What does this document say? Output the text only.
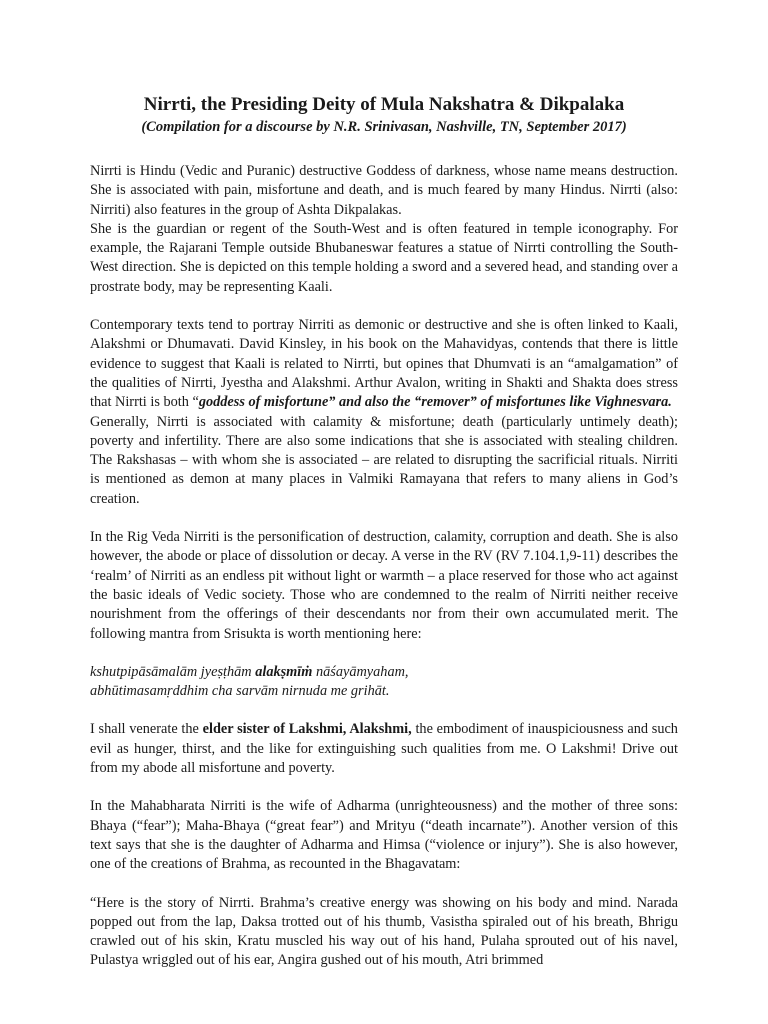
Nirrti, the Presiding Deity of Mula Nakshatra & Dikpalaka
(Compilation for a discourse by N.R. Srinivasan, Nashville, TN, September 2017)

Nirrti is Hindu (Vedic and Puranic) destructive Goddess of darkness, whose name means destruction. She is associated with pain, misfortune and death, and is much feared by many Hindus. Nirrti (also: Nirriti) also features in the group of Ashta Dikpalakas.

She is the guardian or regent of the South-West and is often featured in temple iconography. For example, the Rajarani Temple outside Bhubaneswar features a statue of Nirrti controlling the South-West direction. She is depicted on this temple holding a sword and a severed head, and standing over a prostrate body, may be representing Kaali.

Contemporary texts tend to portray Nirriti as demonic or destructive and she is often linked to Kaali, Alakshmi or Dhumavati. David Kinsley, in his book on the Mahavidyas, contends that there is little evidence to suggest that Kaali is related to Nirrti, but opines that Dhumvati is an “amalgamation” of the qualities of Nirrti, Jyestha and Alakshmi. Arthur Avalon, writing in Shakti and Shakta does stress that Nirrti is both “goddess of misfortune” and also the “remover” of misfortunes like Vighnesvara.

Generally, Nirrti is associated with calamity & misfortune; death (particularly untimely death); poverty and infertility. There are also some indications that she is associated with stealing children. The Rakshasas – with whom she is associated – are related to disrupting the sacrificial rituals. Nirriti is mentioned as demon at many places in Valmiki Ramayana that refers to many aliens in God’s creation.

In the Rig Veda Nirriti is the personification of destruction, calamity, corruption and death. She is also however, the abode or place of dissolution or decay. A verse in the RV (RV 7.104.1,9-11) describes the ‘realm’ of Nirriti as an endless pit without light or warmth – a place reserved for those who act against the basic ideals of Vedic society. Those who are condemned to the realm of Nirriti neither receive nourishment from the offerings of their descendants nor from their own accumulated merit. The following mantra from Srisukta is worth mentioning here:

kshutpipāsāmalām jyeṣṭhām alakṣmīṁ nāśayāmyaham,

abhūtimasamṛddhim cha sarvām nirnuda me grihāt.

I shall venerate the elder sister of Lakshmi, Alakshmi, the embodiment of inauspiciousness and such evil as hunger, thirst, and the like for extinguishing such qualities from me. O Lakshmi! Drive out from my abode all misfortune and poverty.

In the Mahabharata Nirriti is the wife of Adharma (unrighteousness) and the mother of three sons: Bhaya (“fear”); Maha-Bhaya (“great fear”) and Mrityu (“death incarnate”). Another version of this text says that she is the daughter of Adharma and Himsa (“violence or injury”). She is also however, one of the creations of Brahma, as recounted in the Bhagavatam:

“Here is the story of Nirrti. Brahma’s creative energy was showing on his body and mind. Narada popped out from the lap, Daksa trotted out of his thumb, Vasistha spiraled out of his breath, Bhrigu crawled out of his skin, Kratu muscled his way out of his hand, Pulaha sprouted out of his navel, Pulastya wriggled out of his ear, Angira gushed out of his mouth, Atri brimmed
